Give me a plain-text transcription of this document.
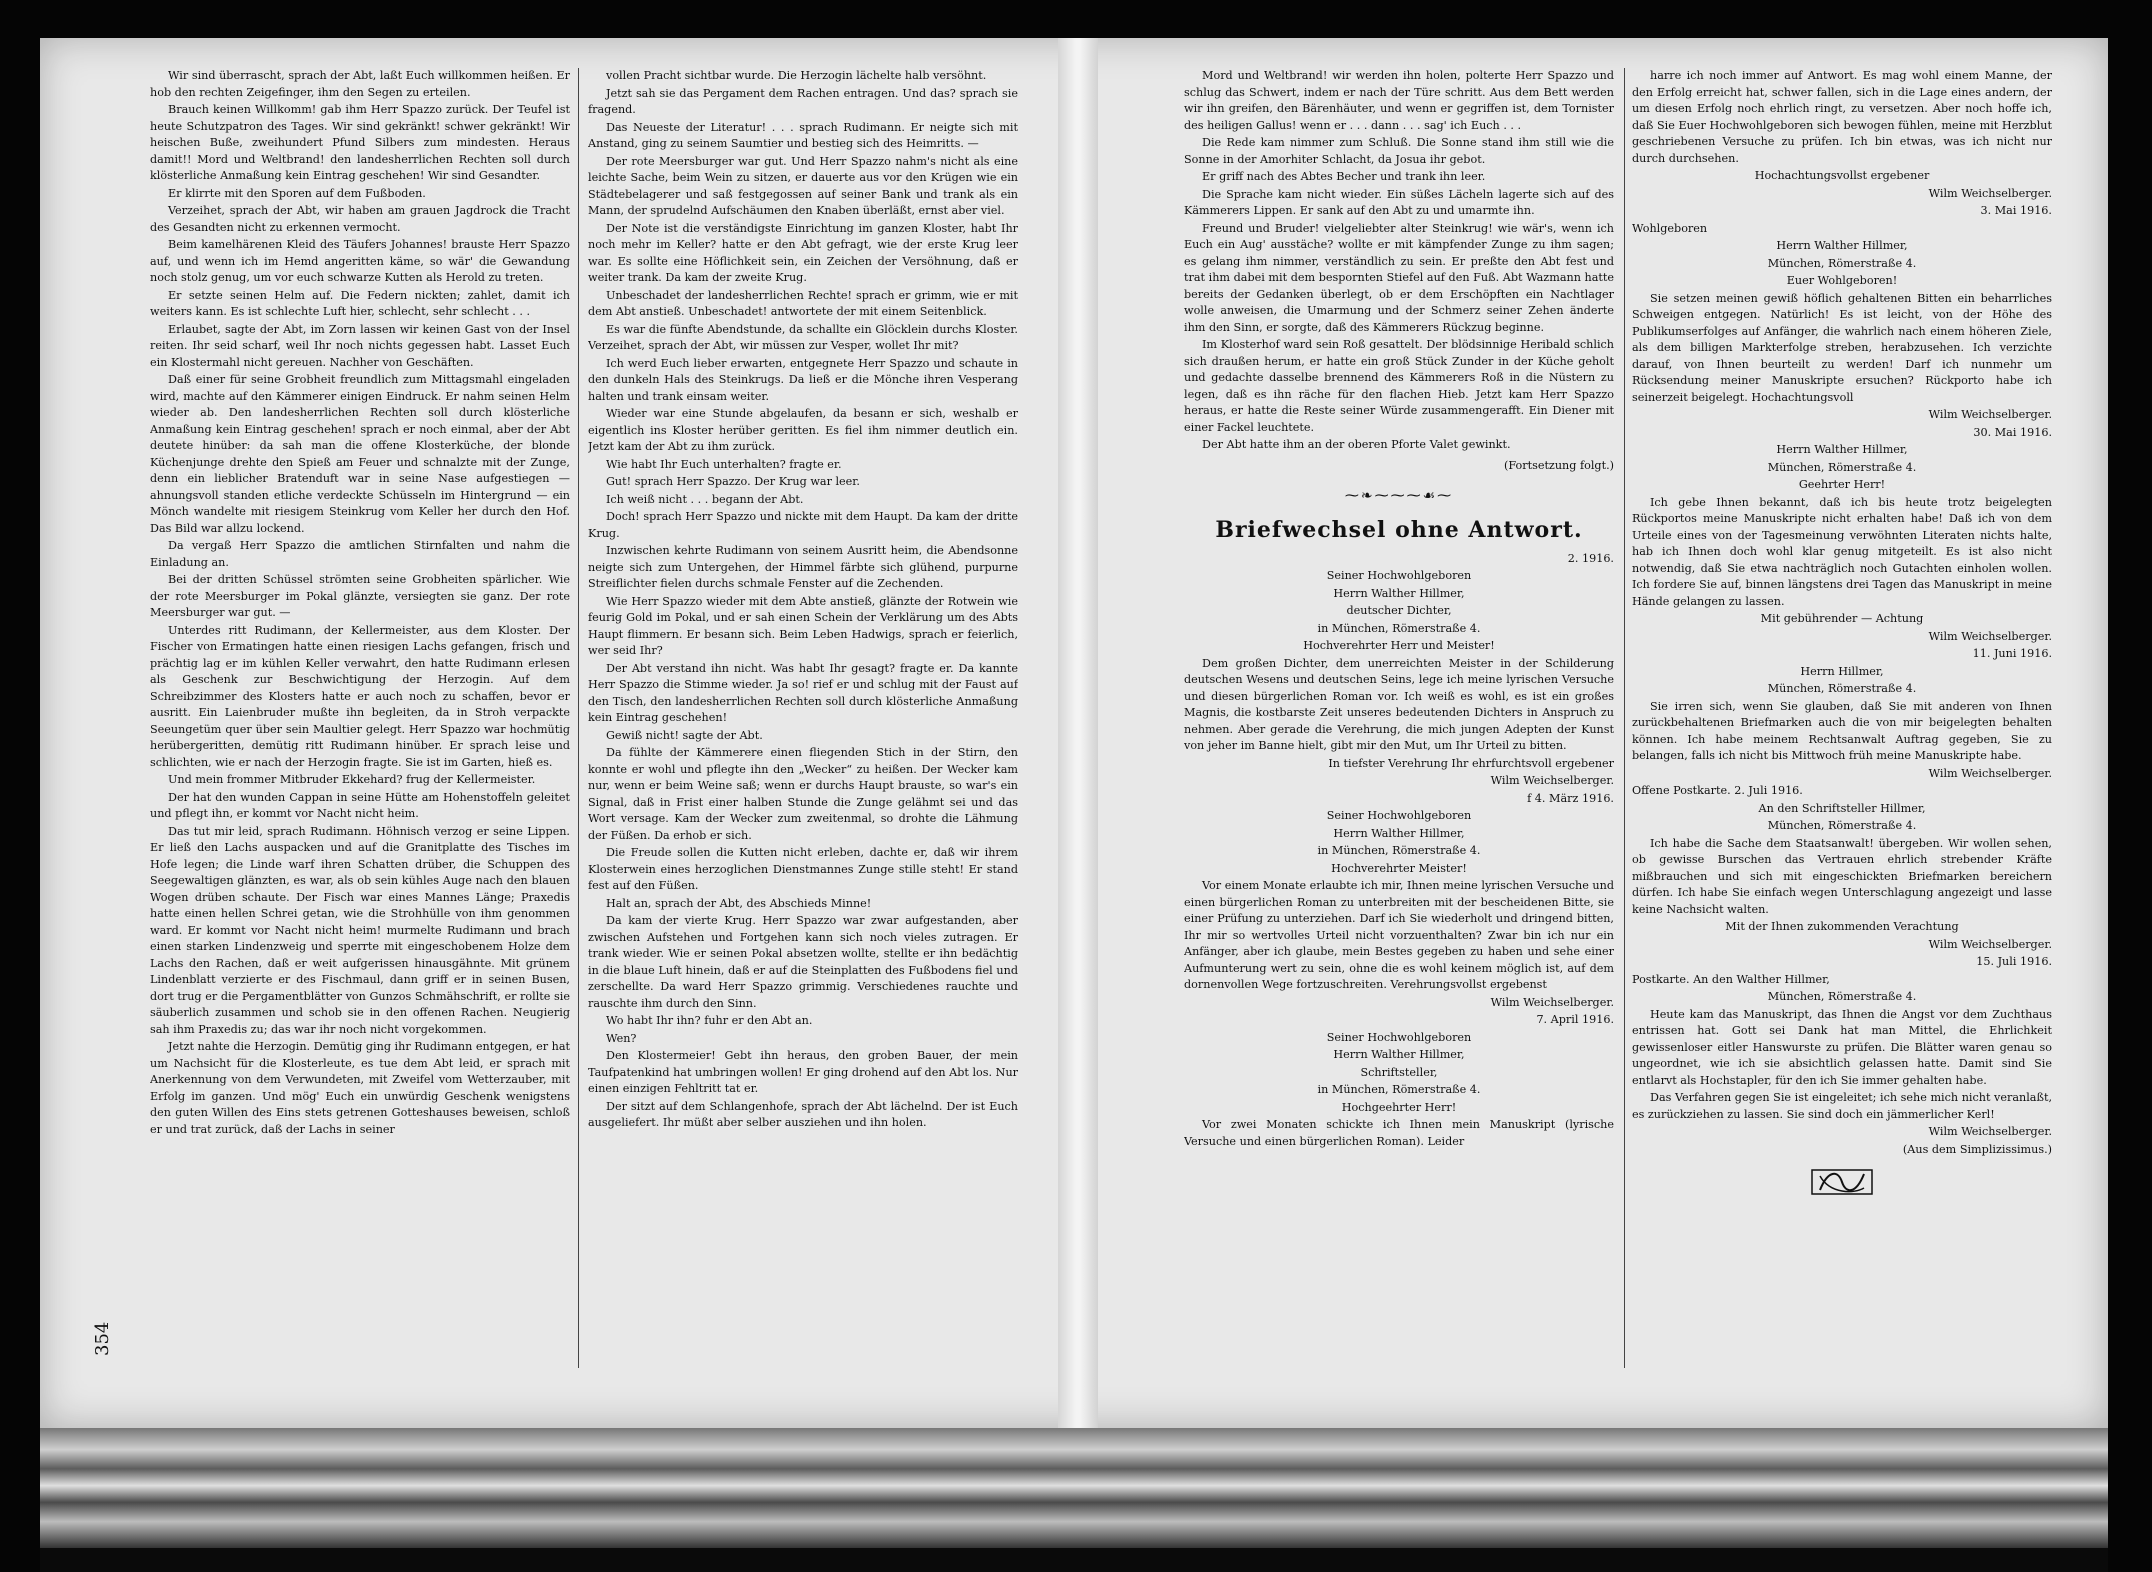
Wir sind überrascht, sprach der Abt, laßt Euch willkommen heißen. Er hob den rechten Zeigefinger, ihm den Segen zu erteilen.

Brauch keinen Willkomm! gab ihm Herr Spazzo zurück. Der Teufel ist heute Schutzpatron des Tages. Wir sind gekränkt! schwer gekränkt! Wir heischen Buße, zweihundert Pfund Silbers zum mindesten. Heraus damit!! Mord und Weltbrand! den landesherrlichen Rechten soll durch klösterliche Anmaßung kein Eintrag geschehen! Wir sind Gesandter.

Er klirrte mit den Sporen auf dem Fußboden.

Verzeihet, sprach der Abt, wir haben am grauen Jagdrock die Tracht des Gesandten nicht zu erkennen vermocht.

Beim kamelhärenen Kleid des Täufers Johannes! brauste Herr Spazzo auf, und wenn ich im Hemd angeritten käme, so wär' die Gewandung noch stolz genug, um vor euch schwarze Kutten als Herold zu treten.

Er setzte seinen Helm auf. Die Federn nickten; zahlet, damit ich weiters kann. Es ist schlechte Luft hier, schlecht, sehr schlecht . . .

Erlaubet, sagte der Abt, im Zorn lassen wir keinen Gast von der Insel reiten. Ihr seid scharf, weil Ihr noch nichts gegessen habt. Lasset Euch ein Klostermahl nicht gereuen. Nachher von Geschäften.

Daß einer für seine Grobheit freundlich zum Mittagsmahl eingeladen wird, machte auf den Kämmerer einigen Eindruck. Er nahm seinen Helm wieder ab. Den landesherrlichen Rechten soll durch klösterliche Anmaßung kein Eintrag geschehen! sprach er noch einmal, aber der Abt deutete hinüber: da sah man die offene Klosterküche, der blonde Küchenjunge drehte den Spieß am Feuer und schnalzte mit der Zunge, denn ein lieblicher Bratenduft war in seine Nase aufgestiegen — ahnungsvoll standen etliche verdeckte Schüsseln im Hintergrund — ein Mönch wandelte mit riesigem Steinkrug vom Keller her durch den Hof. Das Bild war allzu lockend.

Da vergaß Herr Spazzo die amtlichen Stirnfalten und nahm die Einladung an.

Bei der dritten Schüssel strömten seine Grobheiten spärlicher. Wie der rote Meersburger im Pokal glänzte, versiegten sie ganz. Der rote Meersburger war gut. —

Unterdes ritt Rudimann, der Kellermeister, aus dem Kloster. Der Fischer von Ermatingen hatte einen riesigen Lachs gefangen, frisch und prächtig lag er im kühlen Keller verwahrt, den hatte Rudimann erlesen als Geschenk zur Beschwichtigung der Herzogin. Auf dem Schreibzimmer des Klosters hatte er auch noch zu schaffen, bevor er ausritt. Ein Laienbruder mußte ihn begleiten, da in Stroh verpackte Seeungetüm quer über sein Maultier gelegt. Herr Spazzo war hochmütig herübergeritten, demütig ritt Rudimann hinüber. Er sprach leise und schlichten, wie er nach der Herzogin fragte. Sie ist im Garten, hieß es.

Und mein frommer Mitbruder Ekkehard? frug der Kellermeister.

Der hat den wunden Cappan in seine Hütte am Hohenstoffeln geleitet und pflegt ihn, er kommt vor Nacht nicht heim.

Das tut mir leid, sprach Rudimann. Höhnisch verzog er seine Lippen. Er ließ den Lachs auspacken und auf die Granitplatte des Tisches im Hofe legen; die Linde warf ihren Schatten drüber, die Schuppen des Seegewaltigen glänzten, es war, als ob sein kühles Auge nach den blauen Wogen drüben schaute. Der Fisch war eines Mannes Länge; Praxedis hatte einen hellen Schrei getan, wie die Strohhülle von ihm genommen ward. Er kommt vor Nacht nicht heim! murmelte Rudimann und brach einen starken Lindenzweig und sperrte mit eingeschobenem Holze dem Lachs den Rachen, daß er weit aufgerissen hinausgähnte. Mit grünem Lindenblatt verzierte er des Fischmaul, dann griff er in seinen Busen, dort trug er die Pergamentblätter von Gunzos Schmähschrift, er rollte sie säuberlich zusammen und schob sie in den offenen Rachen. Neugierig sah ihm Praxedis zu; das war ihr noch nicht vorgekommen.

Jetzt nahte die Herzogin. Demütig ging ihr Rudimann entgegen, er hat um Nachsicht für die Klosterleute, es tue dem Abt leid, er sprach mit Anerkennung von dem Verwundeten, mit Zweifel vom Wetterzauber, mit Erfolg im ganzen. Und mög' Euch ein unwürdig Geschenk wenigstens den guten Willen des Eins stets getrenen Gotteshauses beweisen, schloß er und trat zurück, daß der Lachs in seiner

vollen Pracht sichtbar wurde. Die Herzogin lächelte halb versöhnt.

Jetzt sah sie das Pergament dem Rachen entragen. Und das? sprach sie fragend.

Das Neueste der Literatur! . . . sprach Rudimann. Er neigte sich mit Anstand, ging zu seinem Saumtier und bestieg sich des Heimritts. —

Der rote Meersburger war gut. Und Herr Spazzo nahm's nicht als eine leichte Sache, beim Wein zu sitzen, er dauerte aus vor den Krügen wie ein Städtebelagerer und saß festgegossen auf seiner Bank und trank als ein Mann, der sprudelnd Aufschäumen den Knaben überläßt, ernst aber viel.

Der Note ist die verständigste Einrichtung im ganzen Kloster, habt Ihr noch mehr im Keller? hatte er den Abt gefragt, wie der erste Krug leer war. Es sollte eine Höflichkeit sein, ein Zeichen der Versöhnung, daß er weiter trank. Da kam der zweite Krug.

Unbeschadet der landesherrlichen Rechte! sprach er grimm, wie er mit dem Abt anstieß. Unbeschadet! antwortete der mit einem Seitenblick.

Es war die fünfte Abendstunde, da schallte ein Glöcklein durchs Kloster. Verzeihet, sprach der Abt, wir müssen zur Vesper, wollet Ihr mit?

Ich werd Euch lieber erwarten, entgegnete Herr Spazzo und schaute in den dunkeln Hals des Steinkrugs. Da ließ er die Mönche ihren Vesperang halten und trank einsam weiter.

Wieder war eine Stunde abgelaufen, da besann er sich, weshalb er eigentlich ins Kloster herüber geritten. Es fiel ihm nimmer deutlich ein. Jetzt kam der Abt zu ihm zurück.

Wie habt Ihr Euch unterhalten? fragte er.

Gut! sprach Herr Spazzo. Der Krug war leer.

Ich weiß nicht . . . begann der Abt.

Doch! sprach Herr Spazzo und nickte mit dem Haupt. Da kam der dritte Krug.

Inzwischen kehrte Rudimann von seinem Ausritt heim, die Abendsonne neigte sich zum Untergehen, der Himmel färbte sich glühend, purpurne Streiflichter fielen durchs schmale Fenster auf die Zechenden.

Wie Herr Spazzo wieder mit dem Abte anstieß, glänzte der Rotwein wie feurig Gold im Pokal, und er sah einen Schein der Verklärung um des Abts Haupt flimmern. Er besann sich. Beim Leben Hadwigs, sprach er feierlich, wer seid Ihr?

Der Abt verstand ihn nicht. Was habt Ihr gesagt? fragte er. Da kannte Herr Spazzo die Stimme wieder. Ja so! rief er und schlug mit der Faust auf den Tisch, den landesherrlichen Rechten soll durch klösterliche Anmaßung kein Eintrag geschehen!

Gewiß nicht! sagte der Abt.

Da fühlte der Kämmerere einen fliegenden Stich in der Stirn, den konnte er wohl und pflegte ihn den „Wecker“ zu heißen. Der Wecker kam nur, wenn er beim Weine saß; wenn er durchs Haupt brauste, so war's ein Signal, daß in Frist einer halben Stunde die Zunge gelähmt sei und das Wort versage. Kam der Wecker zum zweitenmal, so drohte die Lähmung der Füßen. Da erhob er sich.

Die Freude sollen die Kutten nicht erleben, dachte er, daß wir ihrem Klosterwein eines herzoglichen Dienstmannes Zunge stille steht! Er stand fest auf den Füßen.

Halt an, sprach der Abt, des Abschieds Minne!

Da kam der vierte Krug. Herr Spazzo war zwar aufgestanden, aber zwischen Aufstehen und Fortgehen kann sich noch vieles zutragen. Er trank wieder. Wie er seinen Pokal absetzen wollte, stellte er ihn bedächtig in die blaue Luft hinein, daß er auf die Steinplatten des Fußbodens fiel und zerschellte. Da ward Herr Spazzo grimmig. Verschiedenes rauchte und rauschte ihm durch den Sinn.

Wo habt Ihr ihn? fuhr er den Abt an.

Wen?

Den Klostermeier! Gebt ihn heraus, den groben Bauer, der mein Taufpatenkind hat umbringen wollen! Er ging drohend auf den Abt los. Nur einen einzigen Fehltritt tat er.

Der sitzt auf dem Schlangenhofe, sprach der Abt lächelnd. Der ist Euch ausgeliefert. Ihr müßt aber selber ausziehen und ihn holen.

Mord und Weltbrand! wir werden ihn holen, polterte Herr Spazzo und schlug das Schwert, indem er nach der Türe schritt. Aus dem Bett werden wir ihn greifen, den Bärenhäuter, und wenn er gegriffen ist, dem Tornister des heiligen Gallus! wenn er . . . dann . . . sag' ich Euch . . .

Die Rede kam nimmer zum Schluß. Die Sonne stand ihm still wie die Sonne in der Amorhiter Schlacht, da Josua ihr gebot.

Er griff nach des Abtes Becher und trank ihn leer.

Die Sprache kam nicht wieder. Ein süßes Lächeln lagerte sich auf des Kämmerers Lippen. Er sank auf den Abt zu und umarmte ihn.

Freund und Bruder! vielgeliebter alter Steinkrug! wie wär's, wenn ich Euch ein Aug' ausstäche? wollte er mit kämpfender Zunge zu ihm sagen; es gelang ihm nimmer, verständlich zu sein. Er preßte den Abt fest und trat ihm dabei mit dem bespornten Stiefel auf den Fuß. Abt Wazmann hatte bereits der Gedanken überlegt, ob er dem Erschöpften ein Nachtlager wolle anweisen, die Umarmung und der Schmerz seiner Zehen änderte ihm den Sinn, er sorgte, daß des Kämmerers Rückzug beginne.

Im Klosterhof ward sein Roß gesattelt. Der blödsinnige Heribald schlich sich draußen herum, er hatte ein groß Stück Zunder in der Küche geholt und gedachte dasselbe brennend des Kämmerers Roß in die Nüstern zu legen, daß es ihn räche für den flachen Hieb. Jetzt kam Herr Spazzo heraus, er hatte die Reste seiner Würde zusammengerafft. Ein Diener mit einer Fackel leuchtete.

Der Abt hatte ihm an der oberen Pforte Valet gewinkt.

(Fortsetzung folgt.)

⁓❧⁓⁓⁓☙⁓
Briefwechsel ohne Antwort.

2. 1916.

Seiner Hochwohlgeboren

Herrn Walther Hillmer,

deutscher Dichter,

in München, Römerstraße 4.

Hochverehrter Herr und Meister!

Dem großen Dichter, dem unerreichten Meister in der Schilderung deutschen Wesens und deutschen Seins, lege ich meine lyrischen Versuche und diesen bürgerlichen Roman vor. Ich weiß es wohl, es ist ein großes Magnis, die kostbarste Zeit unseres bedeutenden Dichters in Anspruch zu nehmen. Aber gerade die Verehrung, die mich jungen Adepten der Kunst von jeher im Banne hielt, gibt mir den Mut, um Ihr Urteil zu bitten.

In tiefster Verehrung Ihr ehrfurchtsvoll ergebener

Wilm Weichselberger.

f 4. März 1916.

Seiner Hochwohlgeboren

Herrn Walther Hillmer,

in München, Römerstraße 4.

Hochverehrter Meister!

Vor einem Monate erlaubte ich mir, Ihnen meine lyrischen Versuche und einen bürgerlichen Roman zu unterbreiten mit der bescheidenen Bitte, sie einer Prüfung zu unterziehen. Darf ich Sie wiederholt und dringend bitten, Ihr mir so wertvolles Urteil nicht vorzuenthalten? Zwar bin ich nur ein Anfänger, aber ich glaube, mein Bestes gegeben zu haben und sehe einer Aufmunterung wert zu sein, ohne die es wohl keinem möglich ist, auf dem dornenvollen Wege fortzuschreiten. Verehrungsvollst ergebenst

Wilm Weichselberger.

7. April 1916.

Seiner Hochwohlgeboren

Herrn Walther Hillmer,

Schriftsteller,

in München, Römerstraße 4.

Hochgeehrter Herr!

Vor zwei Monaten schickte ich Ihnen mein Manuskript (lyrische Versuche und einen bürgerlichen Roman). Leider

harre ich noch immer auf Antwort. Es mag wohl einem Manne, der den Erfolg erreicht hat, schwer fallen, sich in die Lage eines andern, der um diesen Erfolg noch ehrlich ringt, zu versetzen. Aber noch hoffe ich, daß Sie Euer Hochwohlgeboren sich bewogen fühlen, meine mit Herzblut geschriebenen Versuche zu prüfen. Ich bin etwas, was ich nicht nur durch durchsehen.

Hochachtungsvollst ergebener

Wilm Weichselberger.

3. Mai 1916.

Wohlgeboren

Herrn Walther Hillmer,

München, Römerstraße 4.

Euer Wohlgeboren!

Sie setzen meinen gewiß höflich gehaltenen Bitten ein beharrliches Schweigen entgegen. Natürlich! Es ist leicht, von der Höhe des Publikumserfolges auf Anfänger, die wahrlich nach einem höheren Ziele, als dem billigen Markterfolge streben, herabzusehen. Ich verzichte darauf, von Ihnen beurteilt zu werden! Darf ich nunmehr um Rücksendung meiner Manuskripte ersuchen? Rückporto habe ich seinerzeit beigelegt. Hochachtungsvoll

Wilm Weichselberger.

30. Mai 1916.

Herrn Walther Hillmer,

München, Römerstraße 4.

Geehrter Herr!

Ich gebe Ihnen bekannt, daß ich bis heute trotz beigelegten Rückportos meine Manuskripte nicht erhalten habe! Daß ich von dem Urteile eines von der Tagesmeinung verwöhnten Literaten nichts halte, hab ich Ihnen doch wohl klar genug mitgeteilt. Es ist also nicht notwendig, daß Sie etwa nachträglich noch Gutachten einholen wollen. Ich fordere Sie auf, binnen längstens drei Tagen das Manuskript in meine Hände gelangen zu lassen.

Mit gebührender — Achtung

Wilm Weichselberger.

11. Juni 1916.

Herrn Hillmer,

München, Römerstraße 4.

Sie irren sich, wenn Sie glauben, daß Sie mit anderen von Ihnen zurückbehaltenen Briefmarken auch die von mir beigelegten behalten können. Ich habe meinem Rechtsanwalt Auftrag gegeben, Sie zu belangen, falls ich nicht bis Mittwoch früh meine Manuskripte habe.

Wilm Weichselberger.

Offene Postkarte. 2. Juli 1916.

An den Schriftsteller Hillmer,

München, Römerstraße 4.

Ich habe die Sache dem Staatsanwalt! übergeben. Wir wollen sehen, ob gewisse Burschen das Vertrauen ehrlich strebender Kräfte mißbrauchen und sich mit eingeschickten Briefmarken bereichern dürfen. Ich habe Sie einfach wegen Unterschlagung angezeigt und lasse keine Nachsicht walten.

Mit der Ihnen zukommenden Verachtung

Wilm Weichselberger.

15. Juli 1916.

Postkarte. An den Walther Hillmer,

München, Römerstraße 4.

Heute kam das Manuskript, das Ihnen die Angst vor dem Zuchthaus entrissen hat. Gott sei Dank hat man Mittel, die Ehrlichkeit gewissenloser eitler Hanswurste zu prüfen. Die Blätter waren genau so ungeordnet, wie ich sie absichtlich gelassen hatte. Damit sind Sie entlarvt als Hochstapler, für den ich Sie immer gehalten habe.

Das Verfahren gegen Sie ist eingeleitet; ich sehe mich nicht veranlaßt, es zurückziehen zu lassen. Sie sind doch ein jämmerlicher Kerl!

Wilm Weichselberger.

(Aus dem Simplizissimus.)

354
